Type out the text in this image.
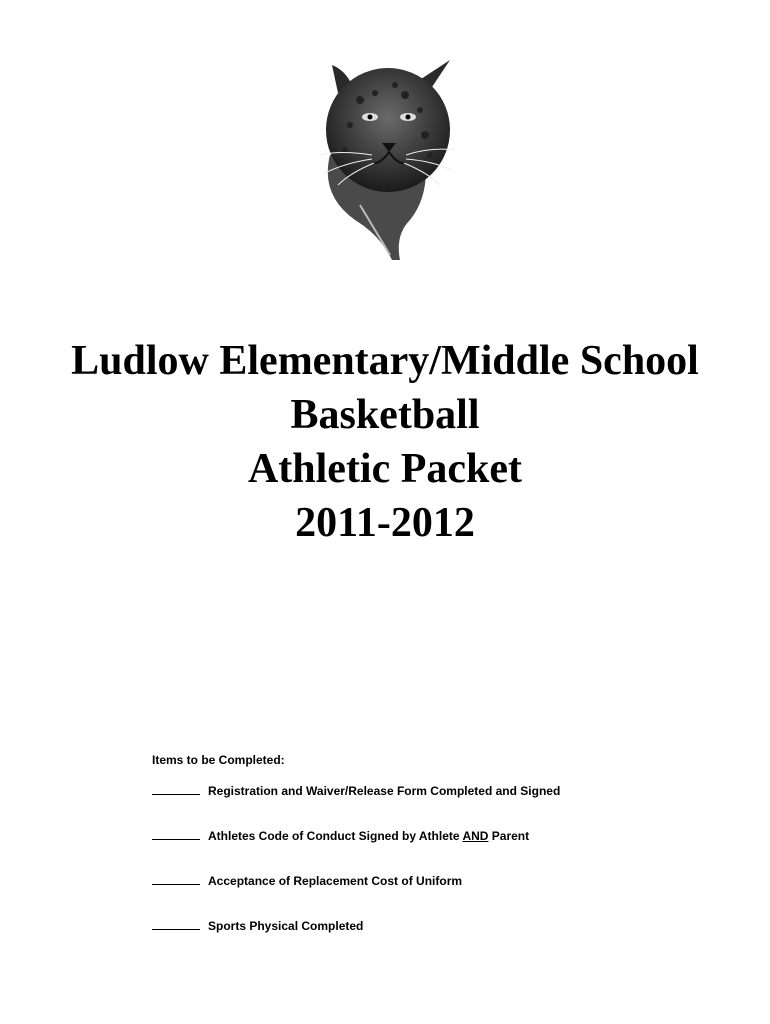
Ludlow Elementary/Middle School
Basketball
Athletic Packet
2011-2012
Items to be Completed:
Registration and Waiver/Release Form Completed and Signed
Athletes Code of Conduct Signed by Athlete AND Parent
Acceptance of Replacement Cost of Uniform
Sports Physical Completed
